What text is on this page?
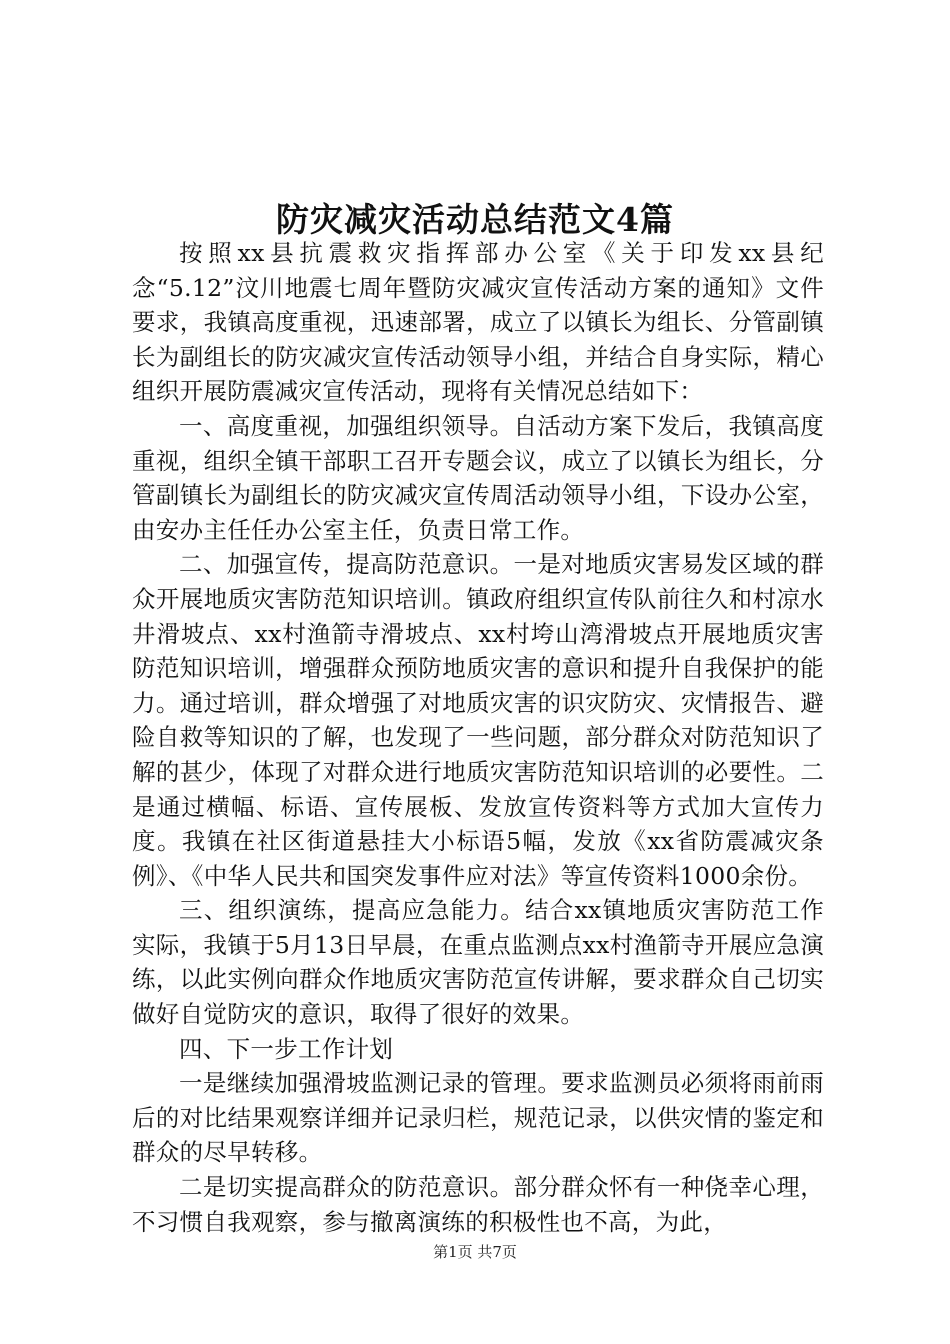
防灾减灾活动总结范文4篇

按照xx县抗震救灾指挥部办公室《关于印发xx县纪念“5.12”汶川地震七周年暨防灾减灾宣传活动方案的通知》文件要求，我镇高度重视，迅速部署，成立了以镇长为组长、分管副镇长为副组长的防灾减灾宣传活动领导小组，并结合自身实际，精心组织开展防震减灾宣传活动，现将有关情况总结如下：

一、高度重视，加强组织领导。自活动方案下发后，我镇高度重视，组织全镇干部职工召开专题会议，成立了以镇长为组长，分管副镇长为副组长的防灾减灾宣传周活动领导小组，下设办公室，由安办主任任办公室主任，负责日常工作。

二、加强宣传，提高防范意识。一是对地质灾害易发区域的群众开展地质灾害防范知识培训。镇政府组织宣传队前往久和村凉水井滑坡点、xx村渔箭寺滑坡点、xx村垮山湾滑坡点开展地质灾害防范知识培训，增强群众预防地质灾害的意识和提升自我保护的能力。通过培训，群众增强了对地质灾害的识灾防灾、灾情报告、避险自救等知识的了解，也发现了一些问题，部分群众对防范知识了解的甚少，体现了对群众进行地质灾害防范知识培训的必要性。二是通过横幅、标语、宣传展板、发放宣传资料等方式加大宣传力度。我镇在社区街道悬挂大小标语5幅，发放《xx省防震减灾条例》、《中华人民共和国突发事件应对法》等宣传资料1000余份。

三、组织演练，提高应急能力。结合xx镇地质灾害防范工作实际，我镇于5月13日早晨，在重点监测点xx村渔箭寺开展应急演练，以此实例向群众作地质灾害防范宣传讲解，要求群众自己切实做好自觉防灾的意识，取得了很好的效果。

四、下一步工作计划

一是继续加强滑坡监测记录的管理。要求监测员必须将雨前雨后的对比结果观察详细并记录归栏，规范记录，以供灾情的鉴定和群众的尽早转移。

二是切实提高群众的防范意识。部分群众怀有一种侥幸心理，不习惯自我观察，参与撤离演练的积极性也不高，为此，

第1页 共7页
